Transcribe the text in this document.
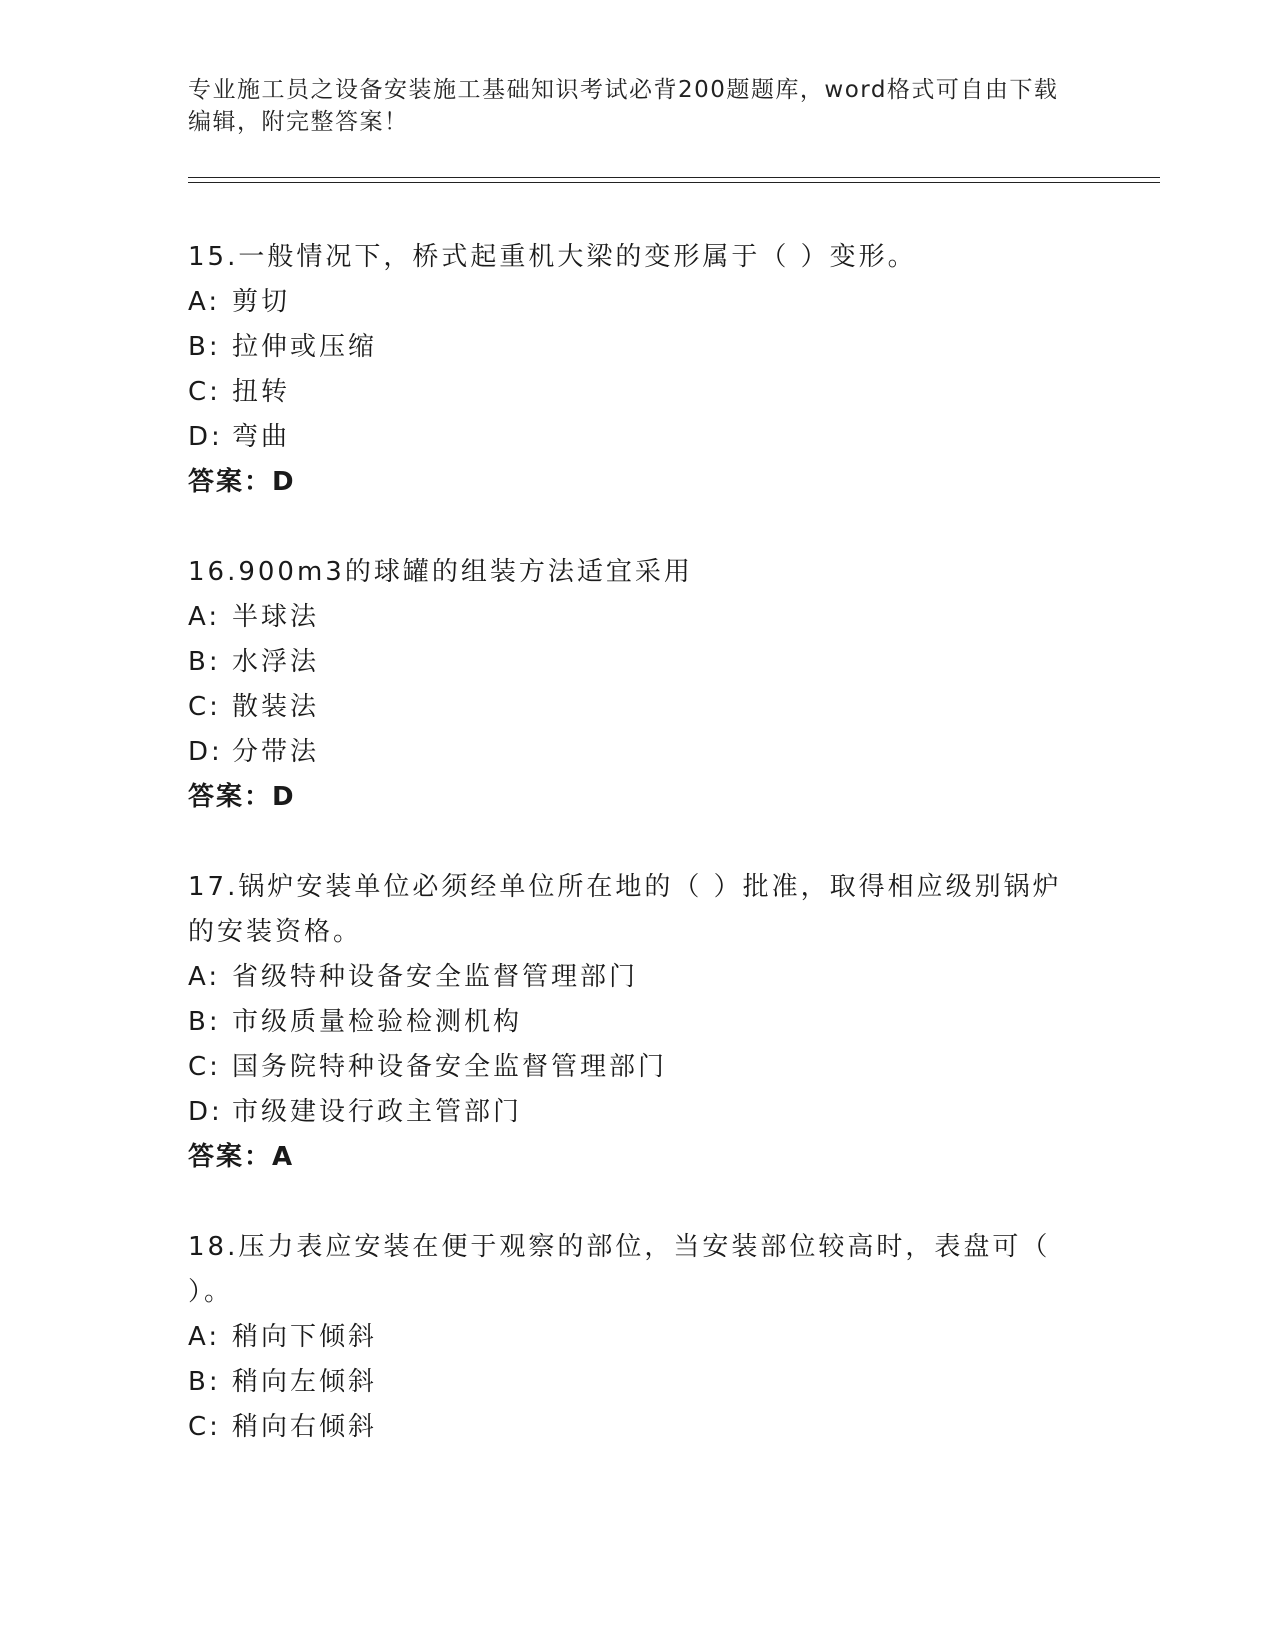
专业施工员之设备安装施工基础知识考试必背200题题库，word格式可自由下载编辑，附完整答案！
15.一般情况下，桥式起重机大梁的变形属于（ ）变形。
A: 剪切
B: 拉伸或压缩
C: 扭转
D: 弯曲
答案：D
16.900m3的球罐的组装方法适宜采用
A: 半球法
B: 水浮法
C: 散装法
D: 分带法
答案：D
17.锅炉安装单位必须经单位所在地的（ ）批准，取得相应级别锅炉的安装资格。
A: 省级特种设备安全监督管理部门
B: 市级质量检验检测机构
C: 国务院特种设备安全监督管理部门
D: 市级建设行政主管部门
答案：A
18.压力表应安装在便于观察的部位，当安装部位较高时，表盘可（ ）。
A: 稍向下倾斜
B: 稍向左倾斜
C: 稍向右倾斜
